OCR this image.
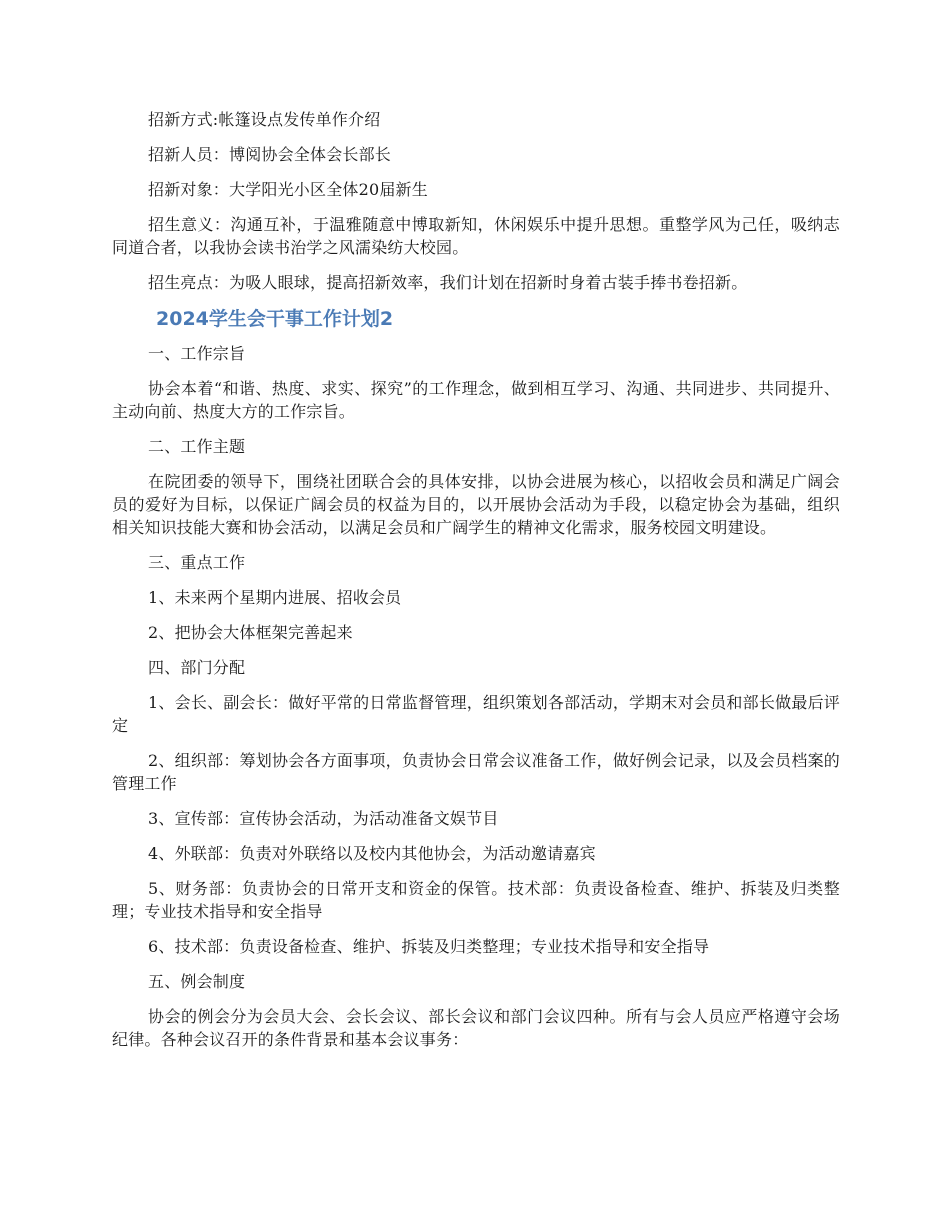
招新方式:帐篷设点发传单作介绍

招新人员：博阅协会全体会长部长

招新对象：大学阳光小区全体20届新生

招生意义：沟通互补，于温雅随意中博取新知，休闲娱乐中提升思想。重整学风为己任，吸纳志同道合者，以我协会读书治学之风濡染纺大校园。

招生亮点：为吸人眼球，提高招新效率，我们计划在招新时身着古装手捧书卷招新。

2024学生会干事工作计划2

一、工作宗旨

协会本着“和谐、热度、求实、探究”的工作理念，做到相互学习、沟通、共同进步、共同提升、主动向前、热度大方的工作宗旨。

二、工作主题

在院团委的领导下，围绕社团联合会的具体安排，以协会进展为核心，以招收会员和满足广阔会员的爱好为目标，以保证广阔会员的权益为目的，以开展协会活动为手段，以稳定协会为基础，组织相关知识技能大赛和协会活动，以满足会员和广阔学生的精神文化需求，服务校园文明建设。

三、重点工作

1、未来两个星期内进展、招收会员

2、把协会大体框架完善起来

四、部门分配

1、会长、副会长：做好平常的日常监督管理，组织策划各部活动，学期末对会员和部长做最后评定

2、组织部：筹划协会各方面事项，负责协会日常会议准备工作，做好例会记录，以及会员档案的管理工作

3、宣传部：宣传协会活动，为活动准备文娱节目

4、外联部：负责对外联络以及校内其他协会，为活动邀请嘉宾

5、财务部：负责协会的日常开支和资金的保管。技术部：负责设备检查、维护、拆装及归类整理；专业技术指导和安全指导

6、技术部：负责设备检查、维护、拆装及归类整理；专业技术指导和安全指导

五、例会制度

协会的例会分为会员大会、会长会议、部长会议和部门会议四种。所有与会人员应严格遵守会场纪律。各种会议召开的条件背景和基本会议事务：
